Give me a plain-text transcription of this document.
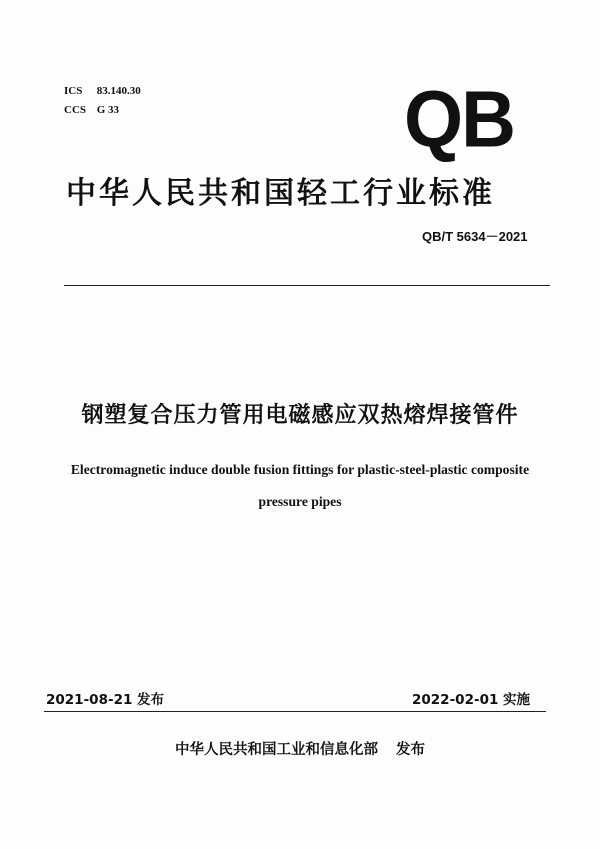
ICS 83.140.30
CCS G 33	QB
中华人民共和国轻工行业标准
QB/T 5634－2021
钢塑复合压力管用电磁感应双热熔焊接管件
Electromagnetic induce double fusion fittings for plastic-steel-plastic composite
pressure pipes
2021-08-21 发布	2022-02-01 实施
中华人民共和国工业和信息化部 发布
